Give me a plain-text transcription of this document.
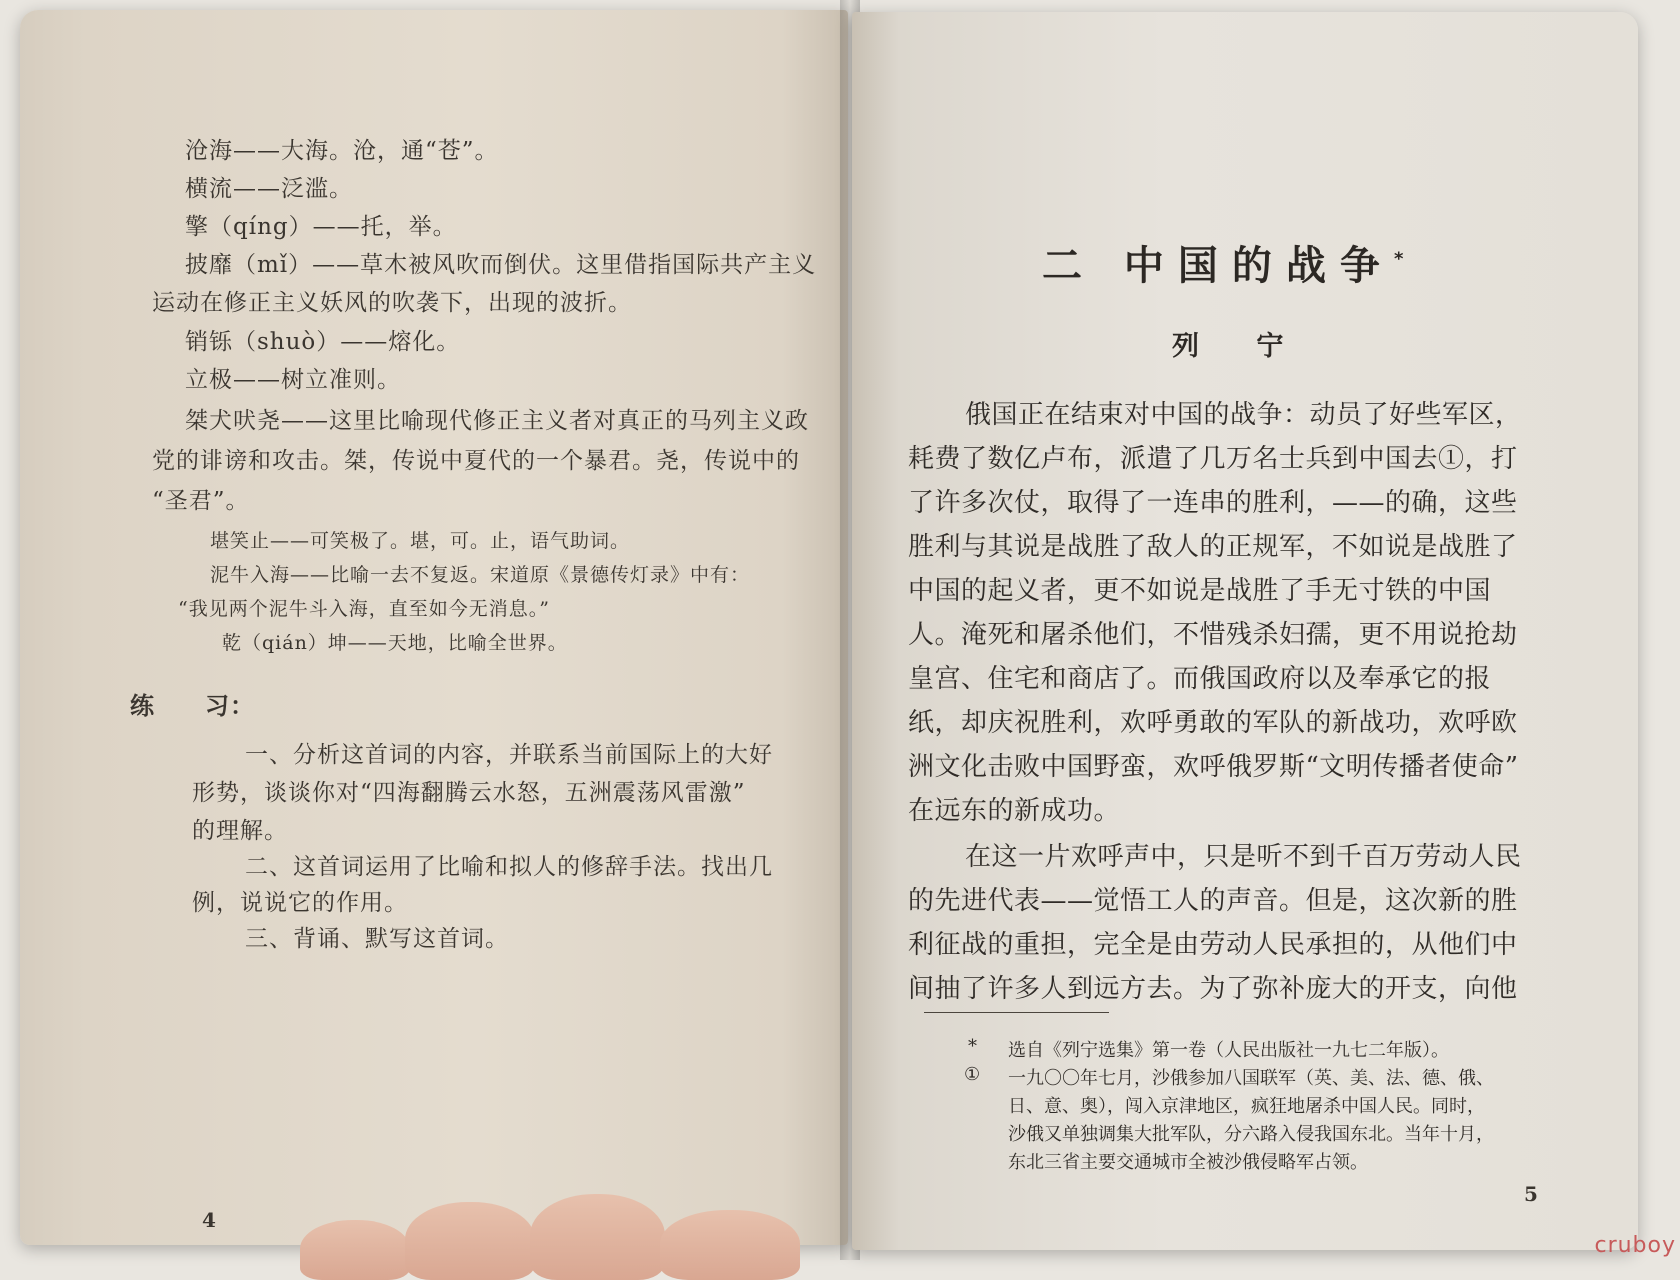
沧海——大海。沧，通“苍”。
横流——泛滥。
擎（qíng）——托，举。
披靡（mǐ）——草木被风吹而倒伏。这里借指国际共产主义
运动在修正主义妖风的吹袭下，出现的波折。
销铄（shuò）——熔化。
立极——树立准则。
桀犬吠尧——这里比喻现代修正主义者对真正的马列主义政
党的诽谤和攻击。桀，传说中夏代的一个暴君。尧，传说中的
“圣君”。
堪笑止——可笑极了。堪，可。止，语气助词。
泥牛入海——比喻一去不复返。宋道原《景德传灯录》中有：
“我见两个泥牛斗入海，直至如今无消息。”
乾（qián）坤——天地，比喻全世界。
练　　习：
一、分析这首词的内容，并联系当前国际上的大好
形势，谈谈你对“四海翻腾云水怒，五洲震荡风雷激”
的理解。
二、这首词运用了比喻和拟人的修辞手法。找出几
例，说说它的作用。
三、背诵、默写这首词。
4
二 中国的战争*
列 宁
俄国正在结束对中国的战争：动员了好些军区，
耗费了数亿卢布，派遣了几万名士兵到中国去①，打
了许多次仗，取得了一连串的胜利，——的确，这些
胜利与其说是战胜了敌人的正规军，不如说是战胜了
中国的起义者，更不如说是战胜了手无寸铁的中国
人。淹死和屠杀他们，不惜残杀妇孺，更不用说抢劫
皇宫、住宅和商店了。而俄国政府以及奉承它的报
纸，却庆祝胜利，欢呼勇敢的军队的新战功，欢呼欧
洲文化击败中国野蛮，欢呼俄罗斯“文明传播者使命”
在远东的新成功。
在这一片欢呼声中，只是听不到千百万劳动人民
的先进代表——觉悟工人的声音。但是，这次新的胜
利征战的重担，完全是由劳动人民承担的，从他们中
间抽了许多人到远方去。为了弥补庞大的开支，向他
* 选自《列宁选集》第一卷（人民出版社一九七二年版）。
① 一九〇〇年七月，沙俄参加八国联军（英、美、法、德、俄、
日、意、奥），闯入京津地区，疯狂地屠杀中国人民。同时，
沙俄又单独调集大批军队，分六路入侵我国东北。当年十月，
东北三省主要交通城市全被沙俄侵略军占领。
5
cruboy
